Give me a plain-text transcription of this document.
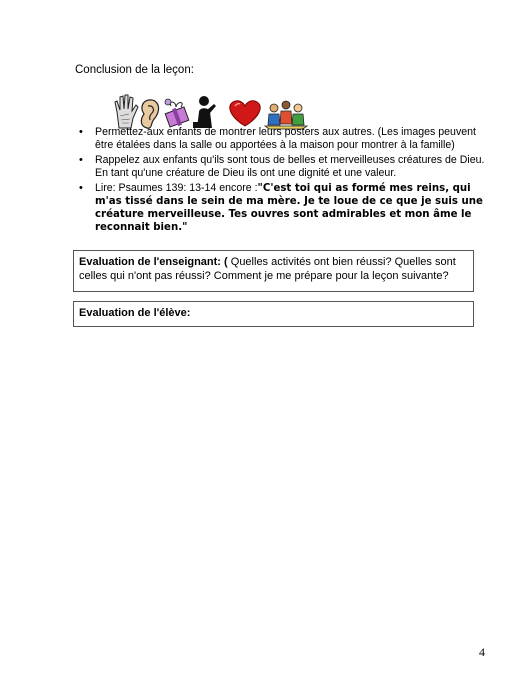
Conclusion de la leçon:
• Permettez-aux enfants de montrer leurs posters aux autres. (Les images peuvent être étalées dans la salle ou apportées à la maison pour montrer à la famille)
• Rappelez aux enfants qu'ils sont tous de belles et merveilleuses créatures de Dieu. En tant qu'une créature de Dieu ils ont une dignité et une valeur.
• Lire: Psaumes 139: 13-14 encore :"C'est toi qui as formé mes reins, qui m'as tissé dans le sein de ma mère. Je te loue de ce que je suis une créature merveilleuse. Tes ouvres sont admirables et mon âme le reconnait bien."
Evaluation de l'enseignant: ( Quelles activités ont bien réussi? Quelles sont celles qui n'ont pas réussi? Comment je me prépare pour la leçon suivante?
Evaluation de l'élève:
4
